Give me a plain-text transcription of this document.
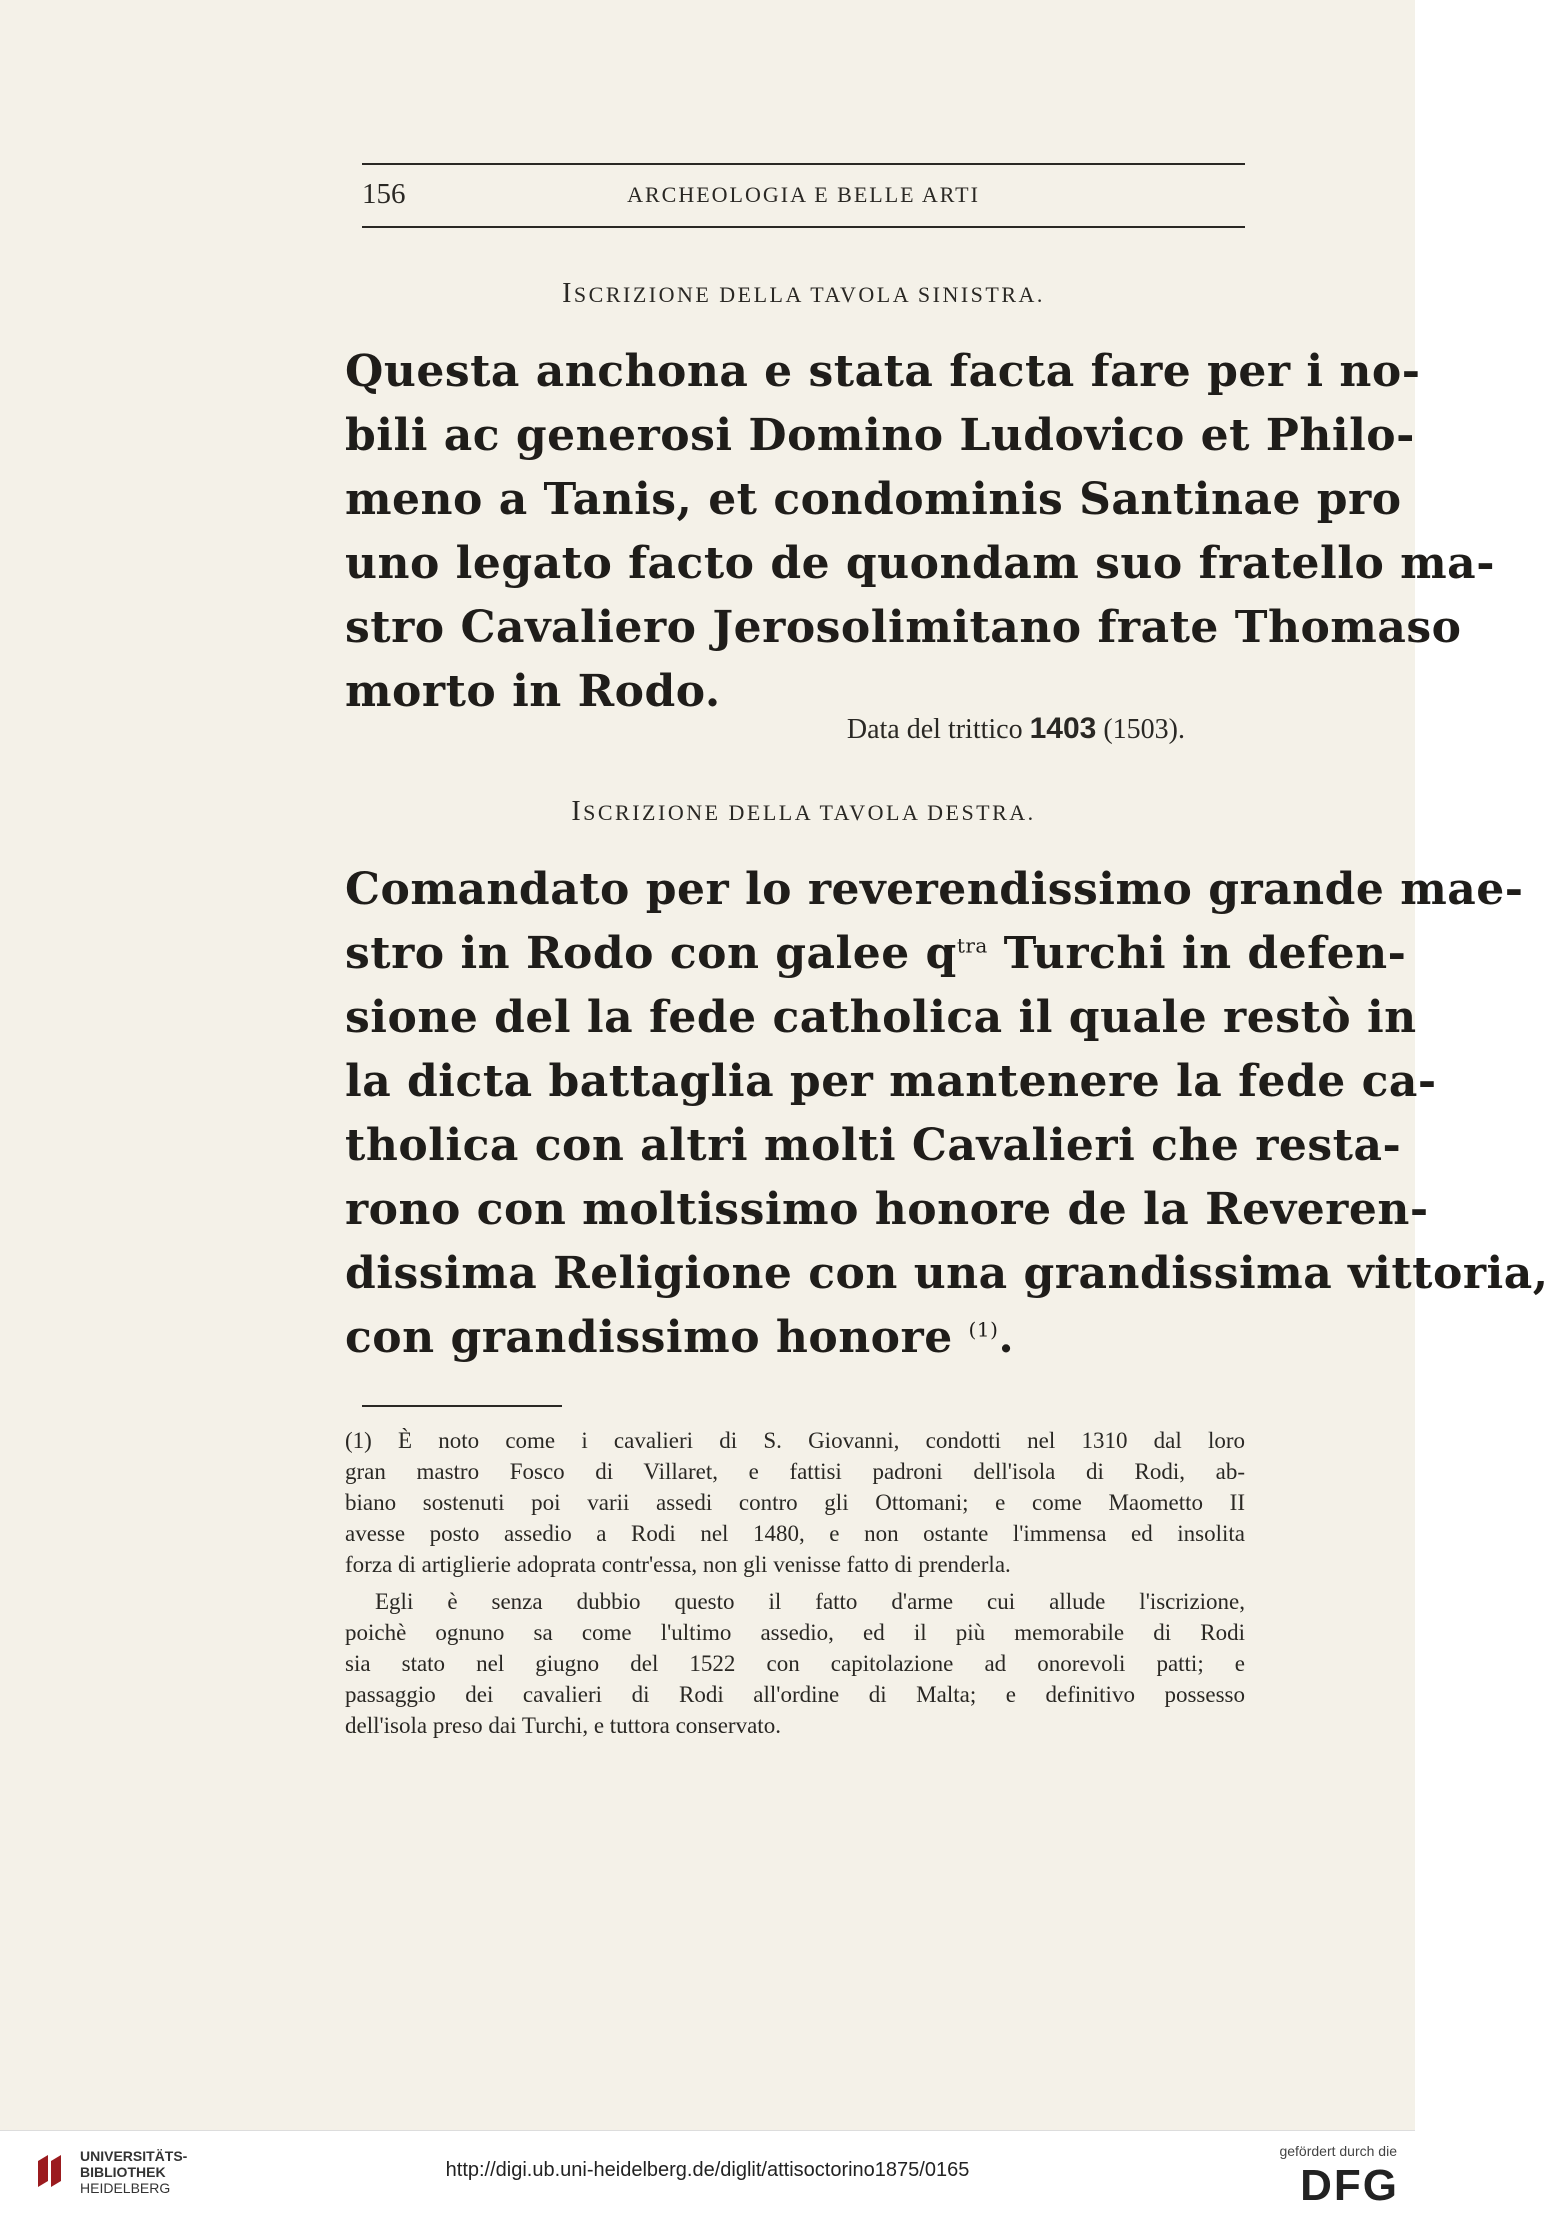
156	ARCHEOLOGIA E BELLE ARTI
ISCRIZIONE DELLA TAVOLA SINISTRA.
Questa anchona e stata facta fare per i no-
bili ac generosi Domino Ludovico et Philo-
meno a Tanis, et condominis Santinae pro
uno legato facto de quondam suo fratello ma-
stro Cavaliero Jerosolimitano frate Thomaso
morto in Rodo.
Data del trittico 1403 (1503).
ISCRIZIONE DELLA TAVOLA DESTRA.
Comandato per lo reverendissimo grande mae-
stro in Rodo con galee $q^{tra}$ Turchi in defen-
sione del la fede catholica il quale restò in
la dicta battaglia per mantenere la fede ca-
tholica con altri molti Cavalieri che resta-
rono con moltissimo honore de la Reveren-
dissima Religione con una grandissima vittoria,
con grandissimo honore $^{(1)}$.

(1) È noto come i cavalieri di S. Giovanni, condotti nel 1310 dal loro
gran mastro Fosco di Villaret, e fattisi padroni dell'isola di Rodi, ab-
biano sostenuti poi varii assedi contro gli Ottomani; e come Maometto II
avesse posto assedio a Rodi nel 1480, e non ostante l'immensa ed insolita
forza di artiglierie adoprata contr'essa, non gli venisse fatto di prenderla.

Egli è senza dubbio questo il fatto d'arme cui allude l'iscrizione,
poichè ognuno sa come l'ultimo assedio, ed il più memorabile di Rodi
sia stato nel giugno del 1522 con capitolazione ad onorevoli patti; e
passaggio dei cavalieri di Rodi all'ordine di Malta; e definitivo possesso
dell'isola preso dai Turchi, e tuttora conservato.

UNIVERSITÄTS-
BIBLIOTHEK
HEIDELBERG
http://digi.ub.uni-heidelberg.de/diglit/attisoctorino1875/0165
gefördert durch die
DFG
